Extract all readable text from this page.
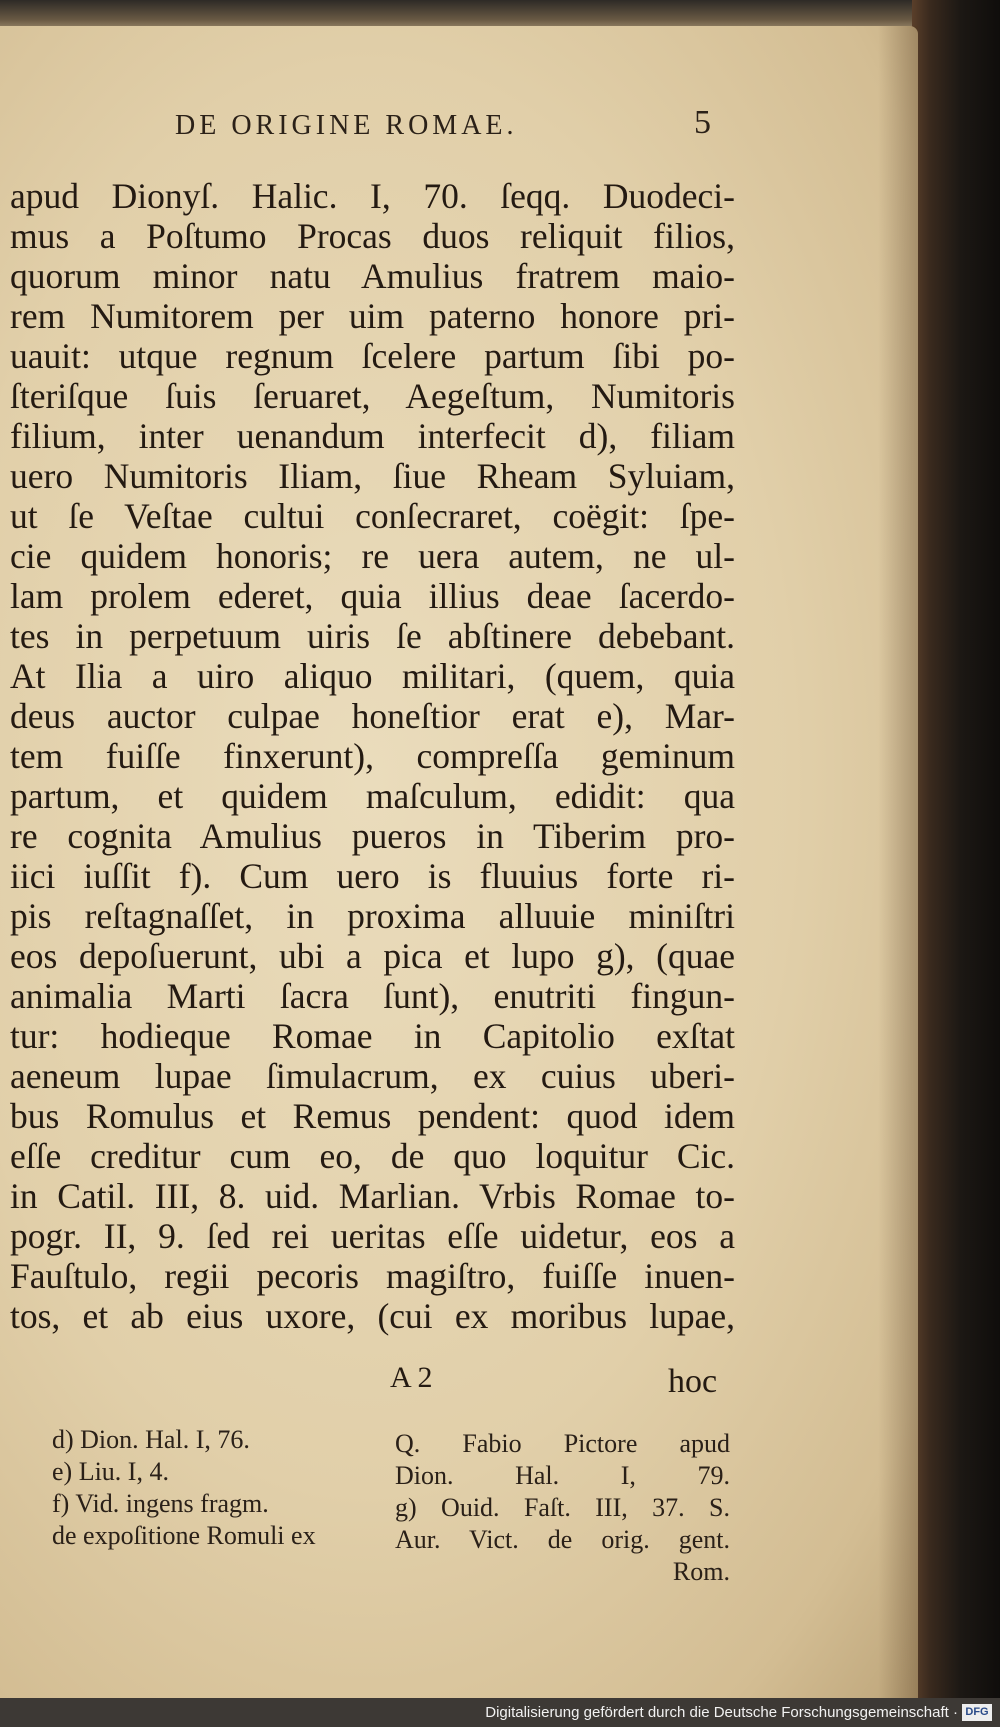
DE ORIGINE ROMAE.	5
apud Dionyſ. Halic. I, 70. ſeqq. Duodeci-
mus a Poſtumo Procas duos reliquit filios,
quorum minor natu Amulius fratrem maio-
rem Numitorem per uim paterno honore pri-
uauit: utque regnum ſcelere partum ſibi po-
ſteriſque ſuis ſeruaret, Aegeſtum, Numitoris
filium, inter uenandum interfecit d), filiam
uero Numitoris Iliam, ſiue Rheam Syluiam,
ut ſe Veſtae cultui conſecraret, coëgit: ſpe-
cie quidem honoris; re uera autem, ne ul-
lam prolem ederet, quia illius deae ſacerdo-
tes in perpetuum uiris ſe abſtinere debebant.
At Ilia a uiro aliquo militari, (quem, quia
deus auctor culpae honeſtior erat e), Mar-
tem fuiſſe finxerunt), compreſſa geminum
partum, et quidem maſculum, edidit: qua
re cognita Amulius pueros in Tiberim pro-
iici iuſſit f). Cum uero is fluuius forte ri-
pis reſtagnaſſet, in proxima alluuie miniſtri
eos depoſuerunt, ubi a pica et lupo g), (quae
animalia Marti ſacra ſunt), enutriti fingun-
tur: hodieque Romae in Capitolio exſtat
aeneum lupae ſimulacrum, ex cuius uberi-
bus Romulus et Remus pendent: quod idem
eſſe creditur cum eo, de quo loquitur Cic.
in Catil. III, 8. uid. Marlian. Vrbis Romae to-
pogr. II, 9. ſed rei ueritas eſſe uidetur, eos a
Fauſtulo, regii pecoris magiſtro, fuiſſe inuen-
tos, et ab eius uxore, (cui ex moribus lupae,
A 2	hoc
d) Dion. Hal. I, 76.
e) Liu. I, 4.
f) Vid. ingens fragm.
de expoſitione Romuli ex
Q. Fabio Pictore apud
Dion. Hal. I, 79.
g) Ouid. Faſt. III, 37. S.
Aur. Vict. de orig. gent.
Rom.
Digitalisierung gefördert durch die Deutsche Forschungsgemeinschaft · DFG
